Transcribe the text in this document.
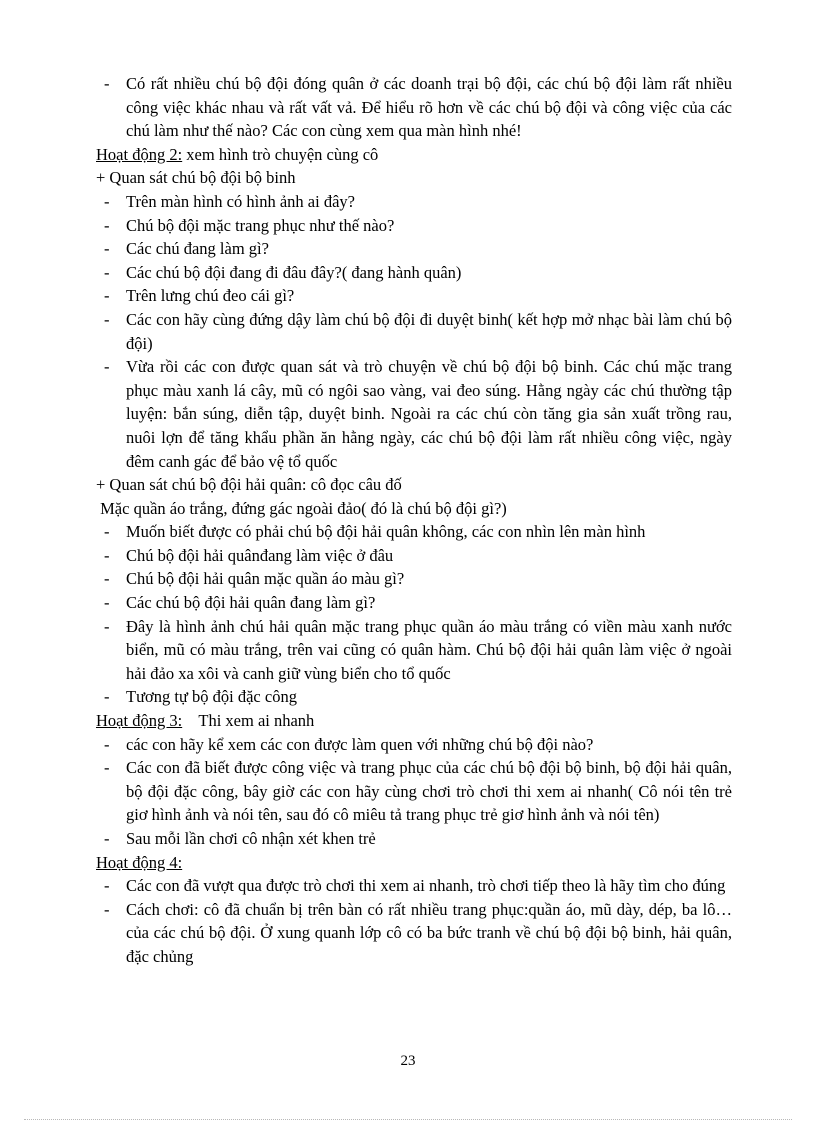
- Có rất nhiều chú bộ đội đóng quân ở các doanh trại bộ đội, các chú bộ đội làm rất nhiều công việc khác nhau và rất vất vả. Để hiểu rõ hơn về các chú bộ đội và công việc của các chú làm như thế nào? Các con cùng xem qua màn hình nhé!
Hoạt động 2: xem hình trò chuyện cùng cô
+ Quan sát chú bộ đội bộ binh
- Trên màn hình có hình ảnh ai đây?
- Chú bộ đội mặc trang phục như thế nào?
- Các chú đang làm gì?
- Các chú bộ đội đang đi đâu đây?( đang hành quân)
- Trên lưng chú đeo cái gì?
- Các con hãy cùng đứng dậy làm chú bộ đội đi duyệt binh( kết hợp mở nhạc bài làm chú bộ đội)
- Vừa rồi các con được quan sát và trò chuyện về chú bộ đội bộ binh. Các chú mặc trang phục màu xanh lá cây, mũ có ngôi sao vàng, vai đeo súng. Hằng ngày các chú thường tập luyện: bắn súng, diễn tập, duyệt binh. Ngoài ra các chú còn tăng gia sản xuất trồng rau, nuôi lợn để tăng khẩu phần ăn hằng ngày, các chú bộ đội làm rất nhiều công việc, ngày đêm canh gác để bảo vệ tổ quốc
+ Quan sát chú bộ đội hải quân: cô đọc câu đố
Mặc quần áo trắng, đứng gác ngoài đảo( đó là chú bộ đội gì?)
- Muốn biết được có phải chú bộ đội hải quân không, các con nhìn lên màn hình
- Chú bộ đội hải quânđang làm việc ở đâu
- Chú bộ đội hải quân mặc quần áo màu gì?
- Các chú bộ đội hải quân đang làm gì?
- Đây là hình ảnh chú hải quân mặc trang phục quần áo màu trắng có viền màu xanh nước biển, mũ có màu trắng, trên vai cũng có quân hàm. Chú bộ đội hải quân làm việc ở ngoài hải đảo xa xôi và canh giữ vùng biển cho tổ quốc
- Tương tự bộ đội đặc công
Hoạt động 3:    Thi xem ai nhanh
- các con hãy kể xem các con được làm quen với những chú bộ đội nào?
- Các con đã biết được công việc và trang phục của các chú bộ đội bộ binh, bộ đội hải quân, bộ đội đặc công, bây giờ các con hãy cùng chơi trò chơi thi xem ai nhanh( Cô nói tên trẻ giơ hình ảnh và nói tên, sau đó cô miêu tả trang phục trẻ giơ hình ảnh và nói tên)
- Sau mỗi lần chơi cô nhận xét khen trẻ
Hoạt động 4:
- Các con đã vượt qua được trò chơi thi xem ai nhanh, trò chơi tiếp theo là hãy tìm cho đúng
- Cách chơi: cô đã chuẩn bị trên bàn có rất nhiều trang phục:quần áo, mũ dày, dép, ba lô… của các chú bộ đội. Ở xung quanh lớp cô có ba bức tranh về chú bộ đội bộ binh, hải quân, đặc chủng
23
